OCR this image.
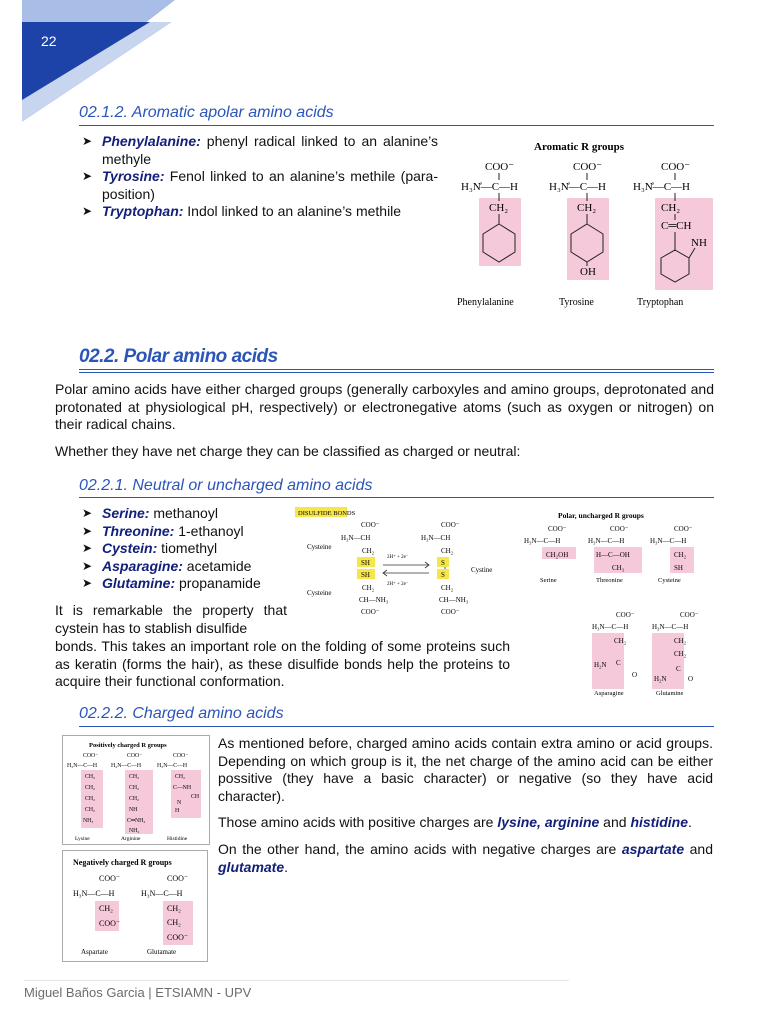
22
02.1.2. Aromatic apolar amino acids
➤ Phenylalanine: phenyl radical linked to an alanine’s methyle
➤ Tyrosine: Fenol linked to an alanine’s methile (para- position)
➤ Tryptophan: Indol linked to an alanine’s methile
Aromatic R groups
COO⁻
H₃N̊—C—H
CH₂
COO⁻
H₃N̊—C—H
CH₂
OH
COO⁻
H₃N̊—C—H
CH₂
C═CH
NH
Phenylalanine	Tyrosine	Tryptophan
02.2. Polar amino acids
Polar amino acids have either charged groups (generally carboxyles and amino groups, deprotonated and protonated at physiological pH, respectively) or electronegative atoms (such as oxygen or nitrogen) on their radical chains.
Whether they have net charge they can be classified as charged or neutral:
02.2.1. Neutral or uncharged amino acids
➤ Serine: methanoyl
➤ Threonine: 1-ethanoyl
➤ Cystein: tiomethyl
➤ Asparagine: acetamide
➤ Glutamine: propanamide
It is remarkable the property that cystein has to stablish disulfide
bonds. This takes an important role on the folding of some proteins such as keratin (forms the hair), as these disulfide bonds help the proteins to acquire their functional conformation.
DISULFIDE BONDS
COO⁻
H₃N—CH
CH₂
SH
SH
CH₂
CH—NH₃
COO⁻
COO⁻
H₃N—CH
CH₂
S
S
CH₂
CH—NH₃
COO⁻
Cysteine
Cysteine
Cystine
2H⁺ + 2e⁻
2H⁺ + 2e⁻
Polar, uncharged R groups
COO⁻
H₃N—C—H
CH₂OH
COO⁻
H₃N—C—H
H—C—OH
CH₃
COO⁻
H₃N—C—H
CH₂
SH
COO⁻
H₃N—C—H
CH₂
C
H₂N
O
COO⁻
H₃N—C—H
CH₂
CH₂
C
H₂N	O
Serine	Threonine	Cysteine
Asparagine	Glutamine
02.2.2. Charged amino acids
Positively charged R groups
COO⁻
H₃N—C—H
CH₂
CH₂
CH₂
CH₂
NH₃
COO⁻
H₃N—C—H
CH₂
CH₂
CH₂
NH
C═NH₂
NH₂
COO⁻
H₃N—C—H
CH₂
C—NH
CH
N
H
Lysine	Arginine	Histidine
Negatively charged R groups
COO⁻
H₃N—C—H
CH₂
COO⁻
COO⁻
H₃N—C—H
CH₂
CH₂
COO⁻
Aspartate	Glutamate
As mentioned before, charged amino acids contain extra amino or acid groups. Depending on which group is it, the net charge of the amino acid can be either possitive (they have a basic character) or negative (so they have acid character).
Those amino acids with positive charges are lysine, arginine and histidine.
On the other hand, the amino acids with negative charges are aspartate and glutamate.
Miguel Baños Garcia | ETSIAMN - UPV
